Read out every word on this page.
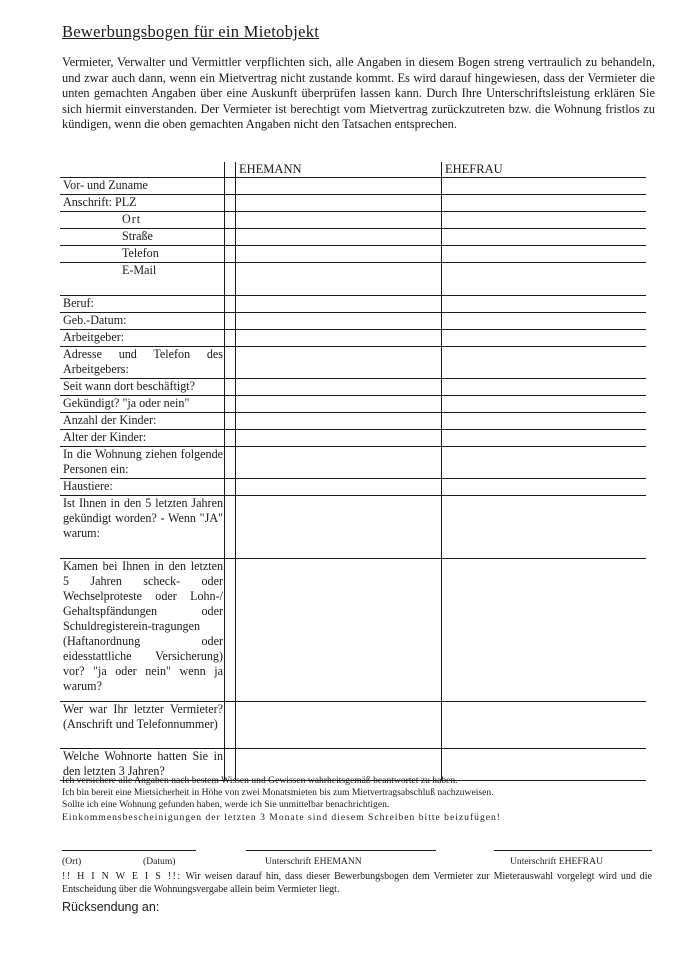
Bewerbungsbogen für ein Mietobjekt
Vermieter, Verwalter und Vermittler verpflichten sich, alle Angaben in diesem Bogen streng vertraulich zu behandeln, und zwar auch dann, wenn ein Mietvertrag nicht zustande kommt. Es wird darauf hingewiesen, dass der Vermieter die unten gemachten Angaben über eine Auskunft überprüfen lassen kann. Durch Ihre Unterschriftsleistung erklären Sie sich hiermit einverstanden. Der Vermieter ist berechtigt vom Mietvertrag zurückzutreten bzw. die Wohnung fristlos zu kündigen, wenn die oben gemachten Angaben nicht den Tatsachen entsprechen.
		EHEMANN	EHEFRAU
Vor- und Zuname			
Anschrift: PLZ			
Ort			
Straße			
Telefon			
E-Mail			
Beruf:			
Geb.-Datum:			
Arbeitgeber:			
Adresse und Telefon des Arbeitgebers:			
Seit wann dort beschäftigt?			
Gekündigt? "ja oder nein"			
Anzahl der Kinder:			
Alter der Kinder:			
In die Wohnung ziehen folgende Personen ein:			
Haustiere:			
Ist Ihnen in den 5 letzten Jahren gekündigt worden? - Wenn "JA" warum:			
Kamen bei Ihnen in den letzten 5 Jahren scheck- oder Wechselproteste oder Lohn-/ Gehaltspfändungen oder Schuldregisterein-tragungen (Haftanordnung oder eidesstattliche Versicherung) vor? "ja oder nein" wenn ja warum?			
Wer war Ihr letzter Vermieter? (Anschrift und Telefonnummer)			
Welche Wohnorte hatten Sie in den letzten 3 Jahren?			
Ich versichere alle Angaben nach bestem Wissen und Gewissen wahrheitsgemäß beantwortet zu haben.
Ich bin bereit eine Mietsicherheit in Höhe von zwei Monatsmieten bis zum Mietvertragsabschluß nachzuweisen.
Sollte ich eine Wohnung gefunden haben, werde ich Sie unmittelbar benachrichtigen.
Einkommensbescheinigungen der letzten 3 Monate sind diesem Schreiben bitte beizufügen!
(Ort)	(Datum)	Unterschrift EHEMANN	Unterschrift EHEFRAU
!! H I N W E I S !!: Wir weisen darauf hin, dass dieser Bewerbungsbogen dem Vermieter zur Mieterauswahl vorgelegt wird und die Entscheidung über die Wohnungsvergabe allein beim Vermieter liegt.
Rücksendung an:
